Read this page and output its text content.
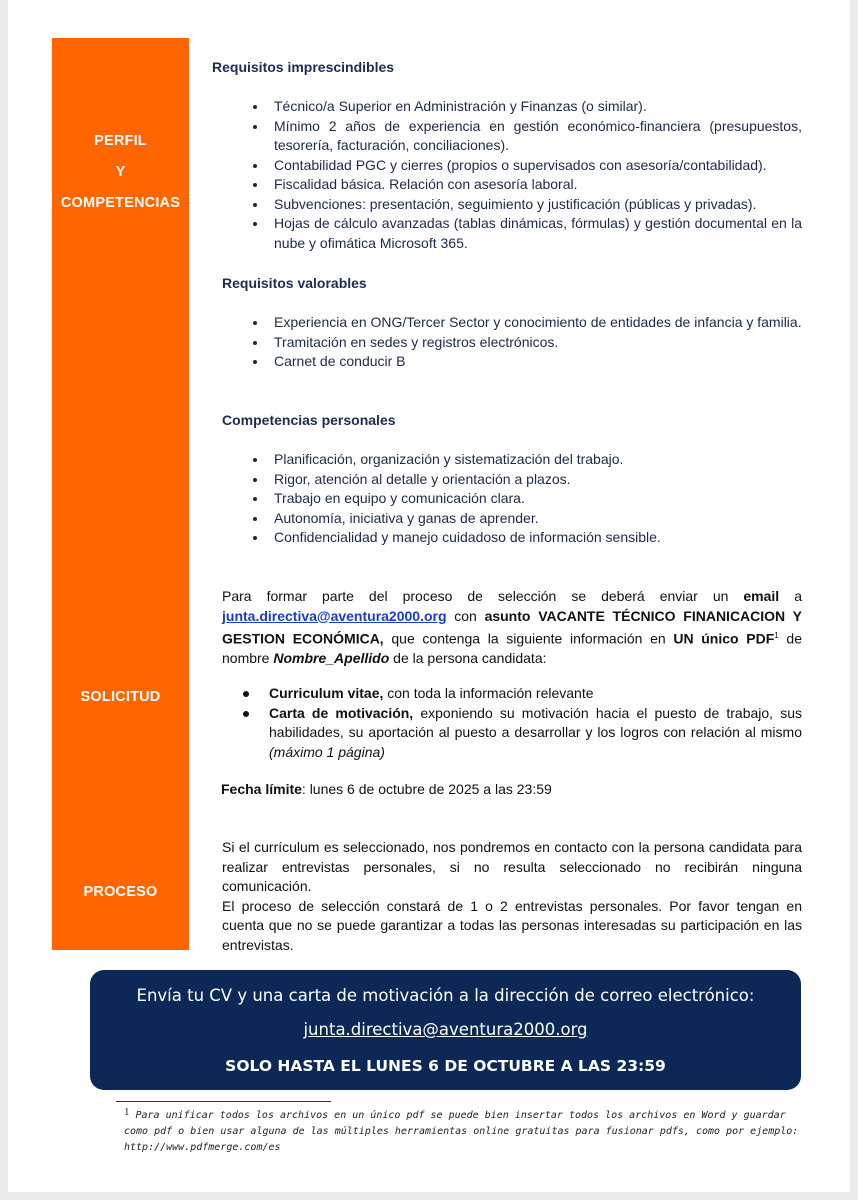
PERFIL
Y
COMPETENCIAS
SOLICITUD
PROCESO
Requisitos imprescindibles
Técnico/a Superior en Administración y Finanzas (o similar).
Mínimo 2 años de experiencia en gestión económico-financiera (presupuestos, tesorería, facturación, conciliaciones).
Contabilidad PGC y cierres (propios o supervisados con asesoría/contabilidad).
Fiscalidad básica. Relación con asesoría laboral.
Subvenciones: presentación, seguimiento y justificación (públicas y privadas).
Hojas de cálculo avanzadas (tablas dinámicas, fórmulas) y gestión documental en la nube y ofimática Microsoft 365.
Requisitos valorables
Experiencia en ONG/Tercer Sector y conocimiento de entidades de infancia y familia.
Tramitación en sedes y registros electrónicos.
Carnet de conducir B
Competencias personales
Planificación, organización y sistematización del trabajo.
Rigor, atención al detalle y orientación a plazos.
Trabajo en equipo y comunicación clara.
Autonomía, iniciativa y ganas de aprender.
Confidencialidad y manejo cuidadoso de información sensible.
Para formar parte del proceso de selección se deberá enviar un email a junta.directiva@aventura2000.org con asunto VACANTE TÉCNICO FINANICACION Y GESTION ECONÓMICA, que contenga la siguiente información en UN único PDF$^1$ de nombre Nombre_Apellido de la persona candidata:
Curriculum vitae, con toda la información relevante
Carta de motivación, exponiendo su motivación hacia el puesto de trabajo, sus habilidades, su aportación al puesto a desarrollar y los logros con relación al mismo (máximo 1 página)
Fecha límite: lunes 6 de octubre de 2025 a las 23:59
Si el currículum es seleccionado, nos pondremos en contacto con la persona candidata para realizar entrevistas personales, si no resulta seleccionado no recibirán ninguna comunicación.
El proceso de selección constará de 1 o 2 entrevistas personales. Por favor tengan en cuenta que no se puede garantizar a todas las personas interesadas su participación en las entrevistas.
Envía tu CV y una carta de motivación a la dirección de correo electrónico:
junta.directiva@aventura2000.org
SOLO HASTA EL LUNES 6 DE OCTUBRE A LAS 23:59
1 Para unificar todos los archivos en un único pdf se puede bien insertar todos los archivos en Word y guardar como pdf o bien usar alguna de las múltiples herramientas online gratuitas para fusionar pdfs, como por ejemplo: http://www.pdfmerge.com/es
